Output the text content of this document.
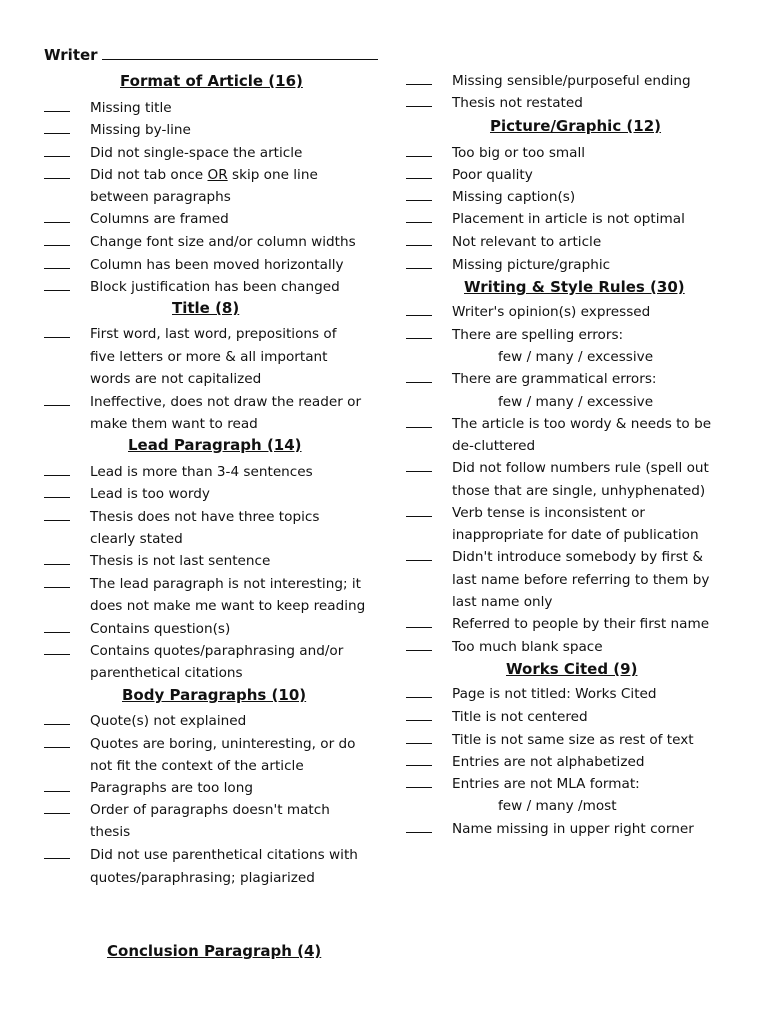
Writer
Format of Article (16)
Missing title
Missing by-line
Did not single-space the article
Did not tab once OR skip one line
between paragraphs
Columns are framed
Change font size and/or column widths
Column has been moved horizontally
Block justification has been changed
Title (8)
First word, last word, prepositions of
five letters or more & all important
words are not capitalized
Ineffective, does not draw the reader or
make them want to read
Lead Paragraph (14)
Lead is more than 3-4 sentences
Lead is too wordy
Thesis does not have three topics
clearly stated
Thesis is not last sentence
The lead paragraph is not interesting; it
does not make me want to keep reading
Contains question(s)
Contains quotes/paraphrasing and/or
parenthetical citations
Body Paragraphs (10)
Quote(s) not explained
Quotes are boring, uninteresting, or do
not fit the context of the article
Paragraphs are too long
Order of paragraphs doesn't match
thesis
Did not use parenthetical citations with
quotes/paraphrasing; plagiarized
Conclusion Paragraph (4)
Missing sensible/purposeful ending
Thesis not restated
Picture/Graphic (12)
Too big or too small
Poor quality
Missing caption(s)
Placement in article is not optimal
Not relevant to article
Missing picture/graphic
Writing & Style Rules (30)
Writer's opinion(s) expressed
There are spelling errors:
few / many / excessive
There are grammatical errors:
few / many / excessive
The article is too wordy & needs to be
de-cluttered
Did not follow numbers rule (spell out
those that are single, unhyphenated)
Verb tense is inconsistent or
inappropriate for date of publication
Didn't introduce somebody by first &
last name before referring to them by
last name only
Referred to people by their first name
Too much blank space
Works Cited (9)
Page is not titled: Works Cited
Title is not centered
Title is not same size as rest of text
Entries are not alphabetized
Entries are not MLA format:
few / many /most
Name missing in upper right corner
